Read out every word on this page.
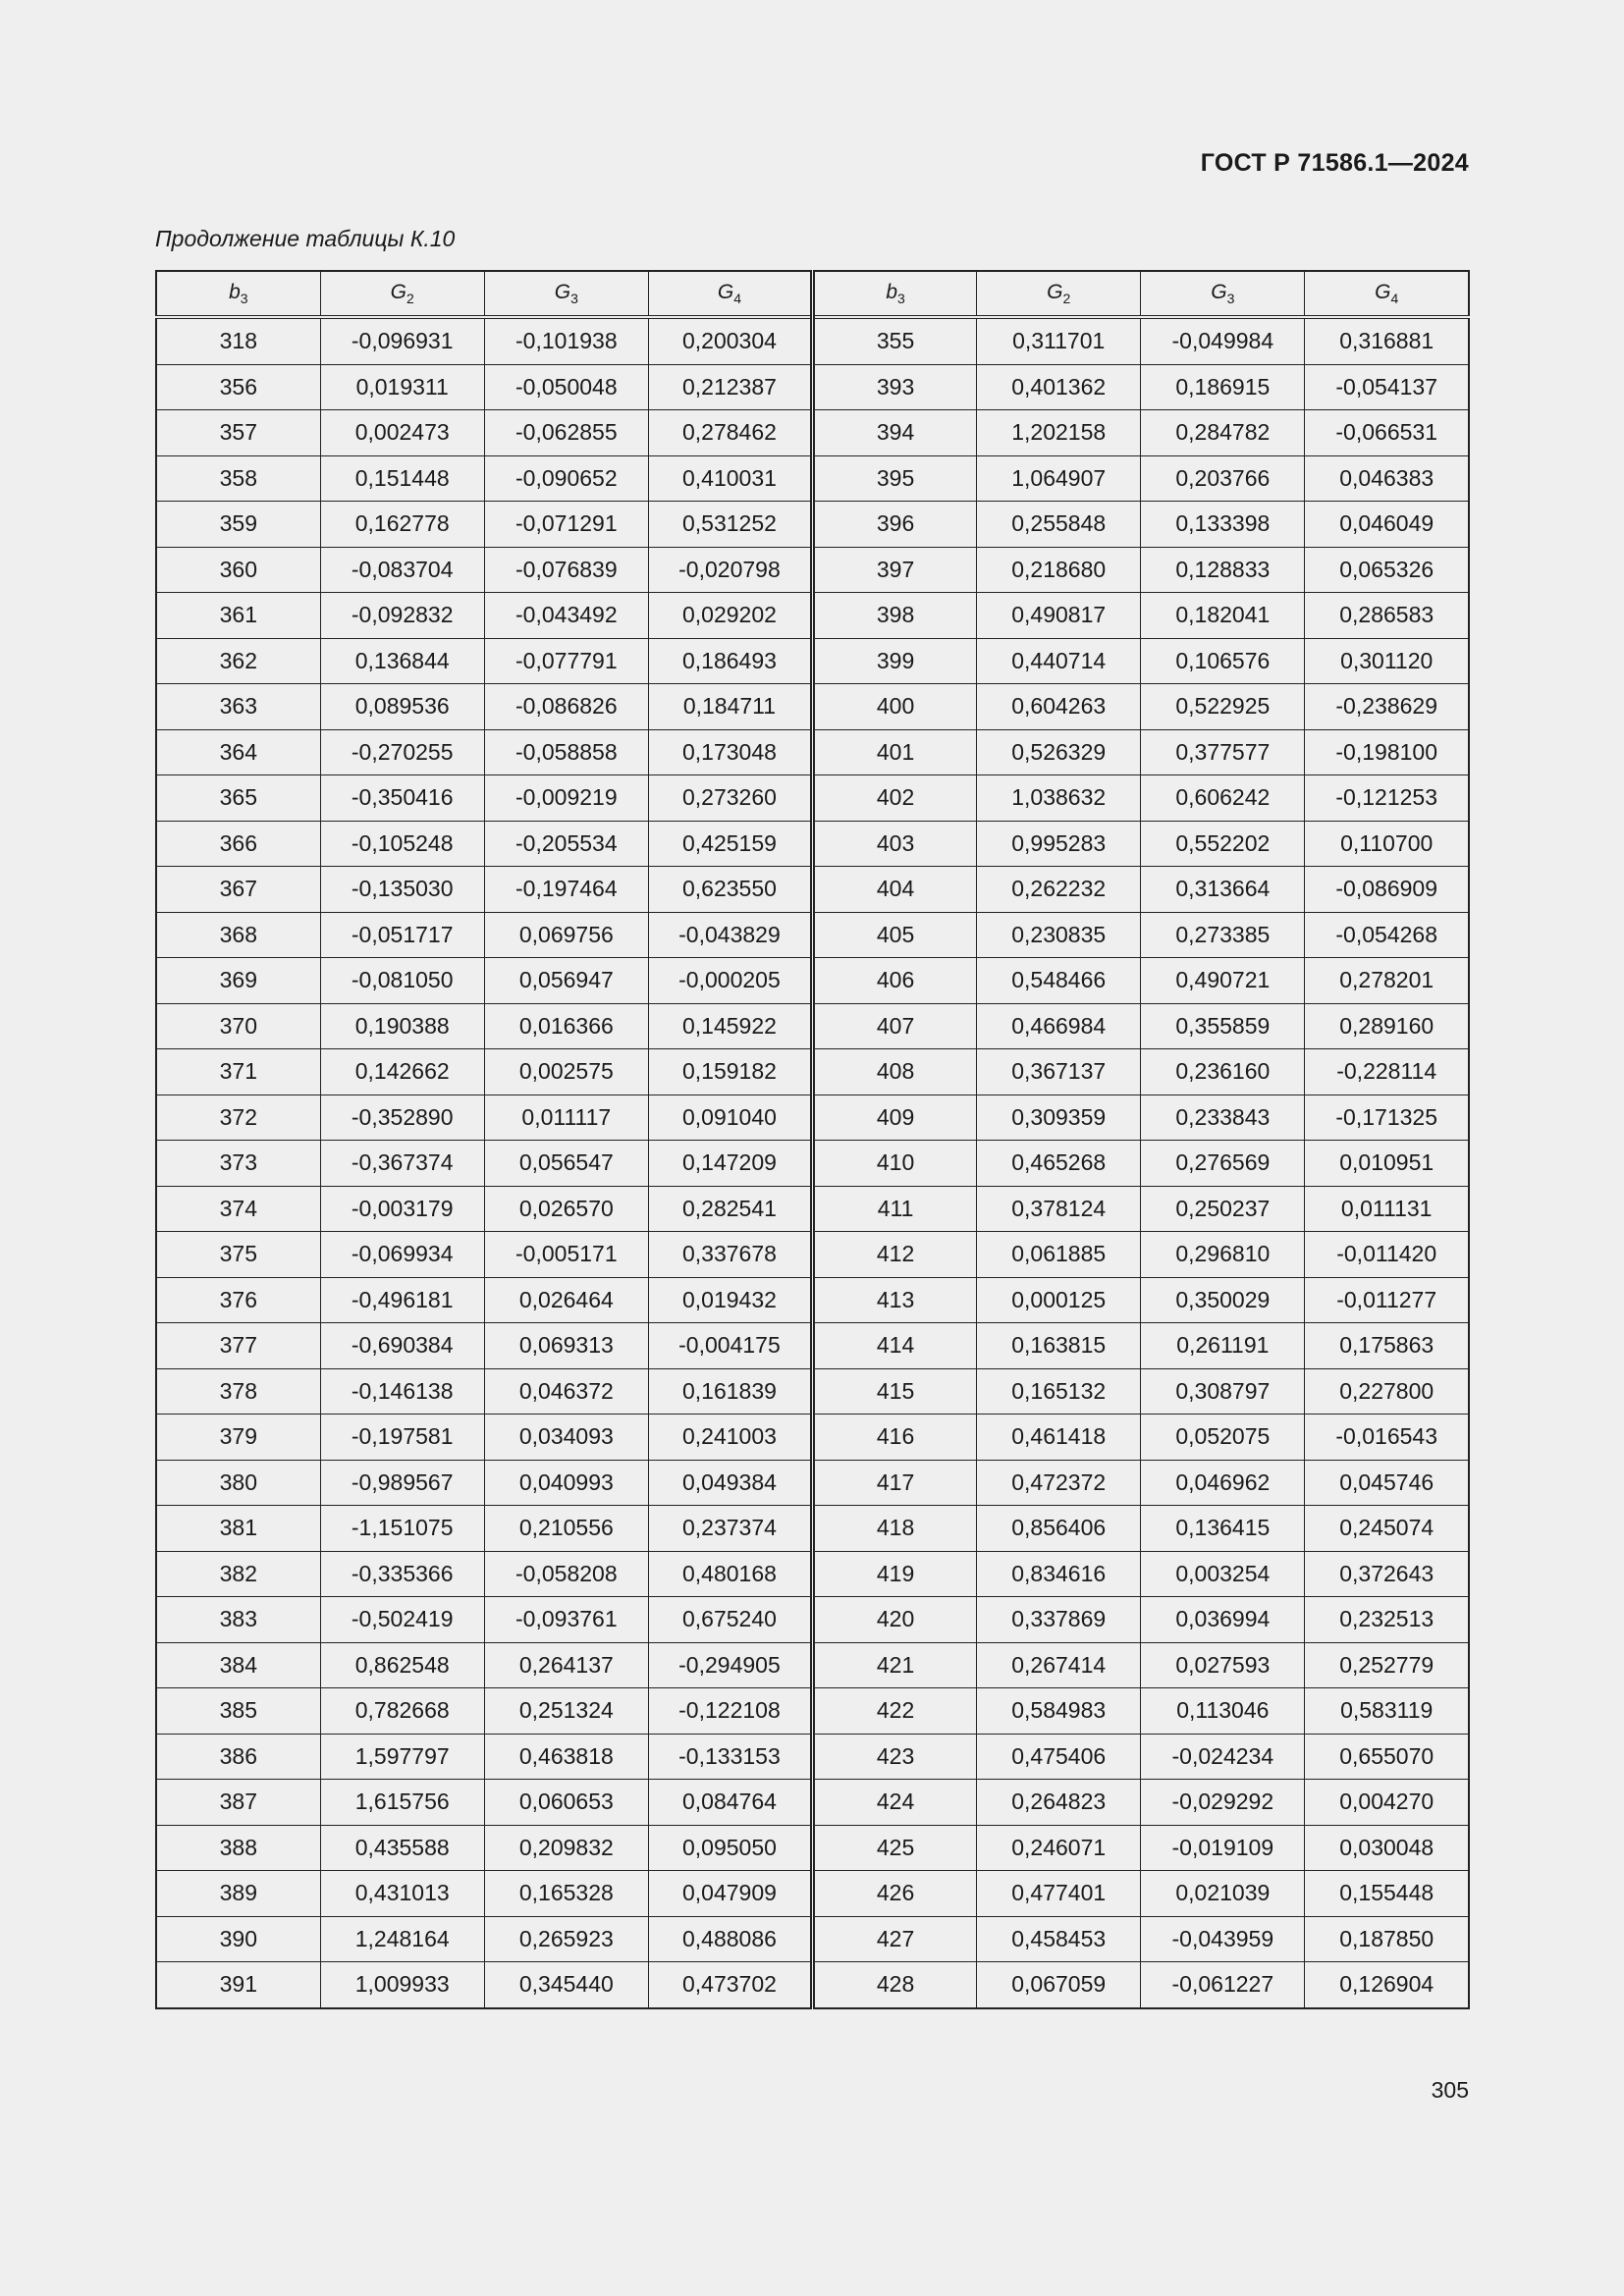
ГОСТ Р 71586.1—2024
Продолжение таблицы К.10
$b_3$	$G_2$	$G_3$	$G_4$	$b_3$	$G_2$	$G_3$	$G_4$
318	-0,096931	-0,101938	0,200304	355	0,311701	-0,049984	0,316881
356	0,019311	-0,050048	0,212387	393	0,401362	0,186915	-0,054137
357	0,002473	-0,062855	0,278462	394	1,202158	0,284782	-0,066531
358	0,151448	-0,090652	0,410031	395	1,064907	0,203766	0,046383
359	0,162778	-0,071291	0,531252	396	0,255848	0,133398	0,046049
360	-0,083704	-0,076839	-0,020798	397	0,218680	0,128833	0,065326
361	-0,092832	-0,043492	0,029202	398	0,490817	0,182041	0,286583
362	0,136844	-0,077791	0,186493	399	0,440714	0,106576	0,301120
363	0,089536	-0,086826	0,184711	400	0,604263	0,522925	-0,238629
364	-0,270255	-0,058858	0,173048	401	0,526329	0,377577	-0,198100
365	-0,350416	-0,009219	0,273260	402	1,038632	0,606242	-0,121253
366	-0,105248	-0,205534	0,425159	403	0,995283	0,552202	0,110700
367	-0,135030	-0,197464	0,623550	404	0,262232	0,313664	-0,086909
368	-0,051717	0,069756	-0,043829	405	0,230835	0,273385	-0,054268
369	-0,081050	0,056947	-0,000205	406	0,548466	0,490721	0,278201
370	0,190388	0,016366	0,145922	407	0,466984	0,355859	0,289160
371	0,142662	0,002575	0,159182	408	0,367137	0,236160	-0,228114
372	-0,352890	0,011117	0,091040	409	0,309359	0,233843	-0,171325
373	-0,367374	0,056547	0,147209	410	0,465268	0,276569	0,010951
374	-0,003179	0,026570	0,282541	411	0,378124	0,250237	0,011131
375	-0,069934	-0,005171	0,337678	412	0,061885	0,296810	-0,011420
376	-0,496181	0,026464	0,019432	413	0,000125	0,350029	-0,011277
377	-0,690384	0,069313	-0,004175	414	0,163815	0,261191	0,175863
378	-0,146138	0,046372	0,161839	415	0,165132	0,308797	0,227800
379	-0,197581	0,034093	0,241003	416	0,461418	0,052075	-0,016543
380	-0,989567	0,040993	0,049384	417	0,472372	0,046962	0,045746
381	-1,151075	0,210556	0,237374	418	0,856406	0,136415	0,245074
382	-0,335366	-0,058208	0,480168	419	0,834616	0,003254	0,372643
383	-0,502419	-0,093761	0,675240	420	0,337869	0,036994	0,232513
384	0,862548	0,264137	-0,294905	421	0,267414	0,027593	0,252779
385	0,782668	0,251324	-0,122108	422	0,584983	0,113046	0,583119
386	1,597797	0,463818	-0,133153	423	0,475406	-0,024234	0,655070
387	1,615756	0,060653	0,084764	424	0,264823	-0,029292	0,004270
388	0,435588	0,209832	0,095050	425	0,246071	-0,019109	0,030048
389	0,431013	0,165328	0,047909	426	0,477401	0,021039	0,155448
390	1,248164	0,265923	0,488086	427	0,458453	-0,043959	0,187850
391	1,009933	0,345440	0,473702	428	0,067059	-0,061227	0,126904
305
